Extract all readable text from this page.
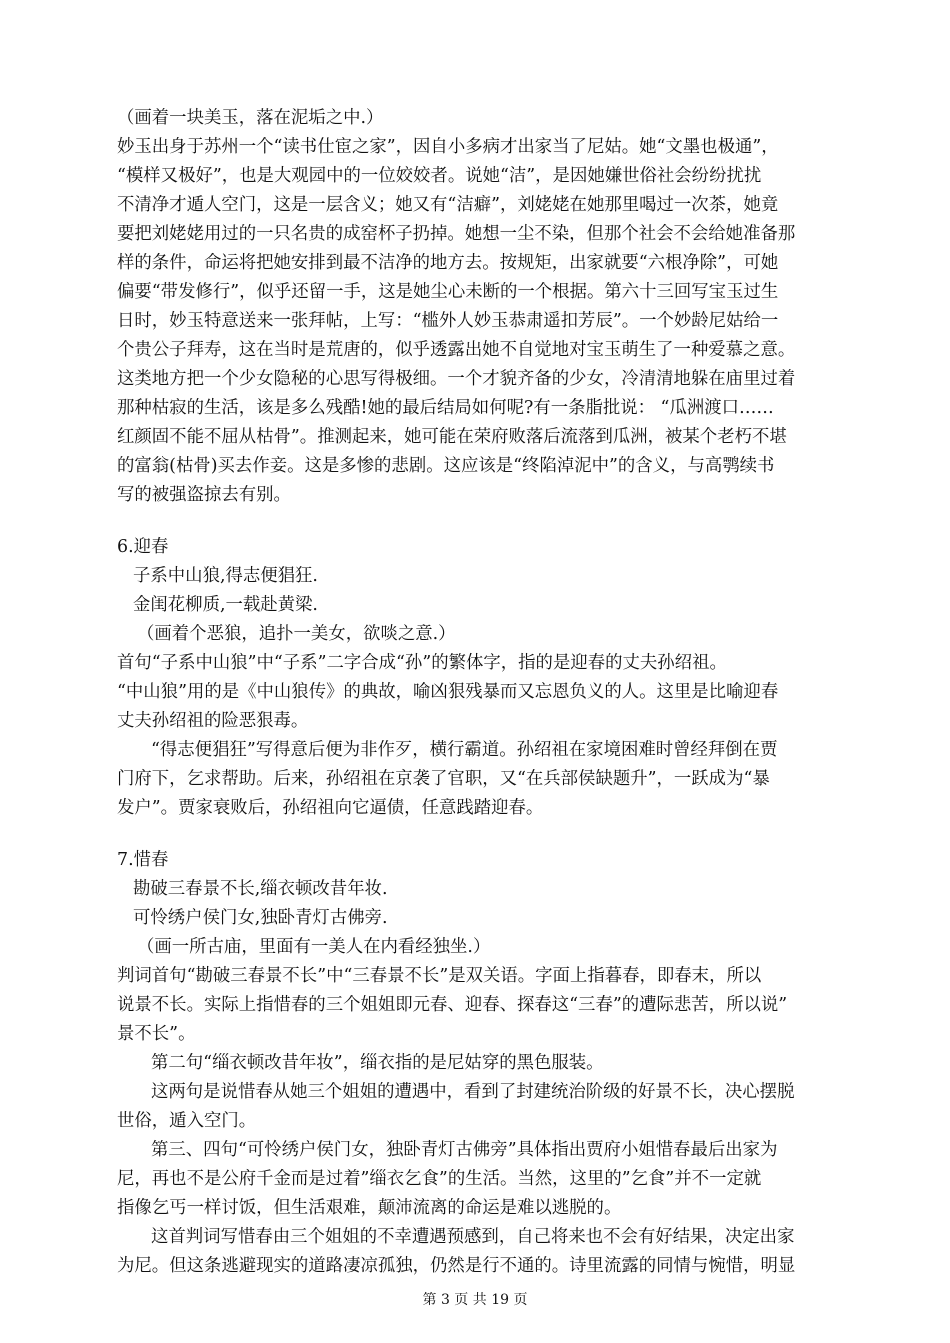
（画着一块美玉，落在泥垢之中.）

妙玉出身于苏州一个“读书仕宦之家”，因自小多病才出家当了尼姑。她“文墨也极通”，
“模样又极好”，也是大观园中的一位姣姣者。说她“洁”，是因她嫌世俗社会纷纷扰扰
不清净才遁人空门，这是一层含义；她又有“洁癖”，刘姥姥在她那里喝过一次茶，她竟
要把刘姥姥用过的一只名贵的成窑杯子扔掉。她想一尘不染，但那个社会不会给她准备那
样的条件，命运将把她安排到最不洁净的地方去。按规矩，出家就要“六根净除”，可她
偏要“带发修行”，似乎还留一手，这是她尘心未断的一个根据。第六十三回写宝玉过生
日时，妙玉特意送来一张拜帖，上写：“槛外人妙玉恭肃遥扣芳辰”。一个妙龄尼姑给一
个贵公子拜寿，这在当时是荒唐的，似乎透露出她不自觉地对宝玉萌生了一种爱慕之意。
这类地方把一个少女隐秘的心思写得极细。一个才貌齐备的少女，冷清清地躲在庙里过着
那种枯寂的生活，该是多么残酷!她的最后结局如何呢?有一条脂批说： “瓜洲渡口……
红颜固不能不屈从枯骨”。推测起来，她可能在荣府败落后流落到瓜洲，被某个老朽不堪
的富翁(枯骨)买去作妾。这是多惨的悲剧。这应该是“终陷淖泥中”的含义，与高鹗续书
写的被强盗掠去有别。

6.迎春

子系中山狼,得志便猖狂.
金闺花柳质,一载赴黄梁.

（画着个恶狼，追扑一美女，欲啖之意.）

首句“子系中山狼”中“子系”二字合成“孙”的繁体字，指的是迎春的丈夫孙绍祖。
“中山狼”用的是《中山狼传》的典故，喻凶狠残暴而又忘恩负义的人。这里是比喻迎春
丈夫孙绍祖的险恶狠毒。

“得志便猖狂”写得意后便为非作歹，横行霸道。孙绍祖在家境困难时曾经拜倒在贾
门府下，乞求帮助。后来，孙绍祖在京袭了官职，又“在兵部侯缺题升”，一跃成为“暴
发户”。贾家衰败后，孙绍祖向它逼债，任意践踏迎春。

7.惜春

勘破三春景不长,缁衣顿改昔年妆.
可怜绣户侯门女,独卧青灯古佛旁.

（画一所古庙，里面有一美人在内看经独坐.）

判词首句“勘破三春景不长”中“三春景不长”是双关语。字面上指暮春，即春末，所以
说景不长。实际上指惜春的三个姐姐即元春、迎春、探春这“三春”的遭际悲苦，所以说”
景不长”。

第二句“缁衣顿改昔年妆”，缁衣指的是尼姑穿的黑色服装。

这两句是说惜春从她三个姐姐的遭遇中，看到了封建统治阶级的好景不长，决心摆脱
世俗，遁入空门。

第三、四句“可怜绣户侯门女，独卧青灯古佛旁”具体指出贾府小姐惜春最后出家为
尼，再也不是公府千金而是过着”缁衣乞食”的生活。当然，这里的”乞食”并不一定就
指像乞丐一样讨饭，但生活艰难，颠沛流离的命运是难以逃脱的。

这首判词写惜春由三个姐姐的不幸遭遇预感到，自己将来也不会有好结果，决定出家
为尼。但这条逃避现实的道路凄凉孤独，仍然是行不通的。诗里流露的同情与惋惜，明显

第 3 页 共 19 页
